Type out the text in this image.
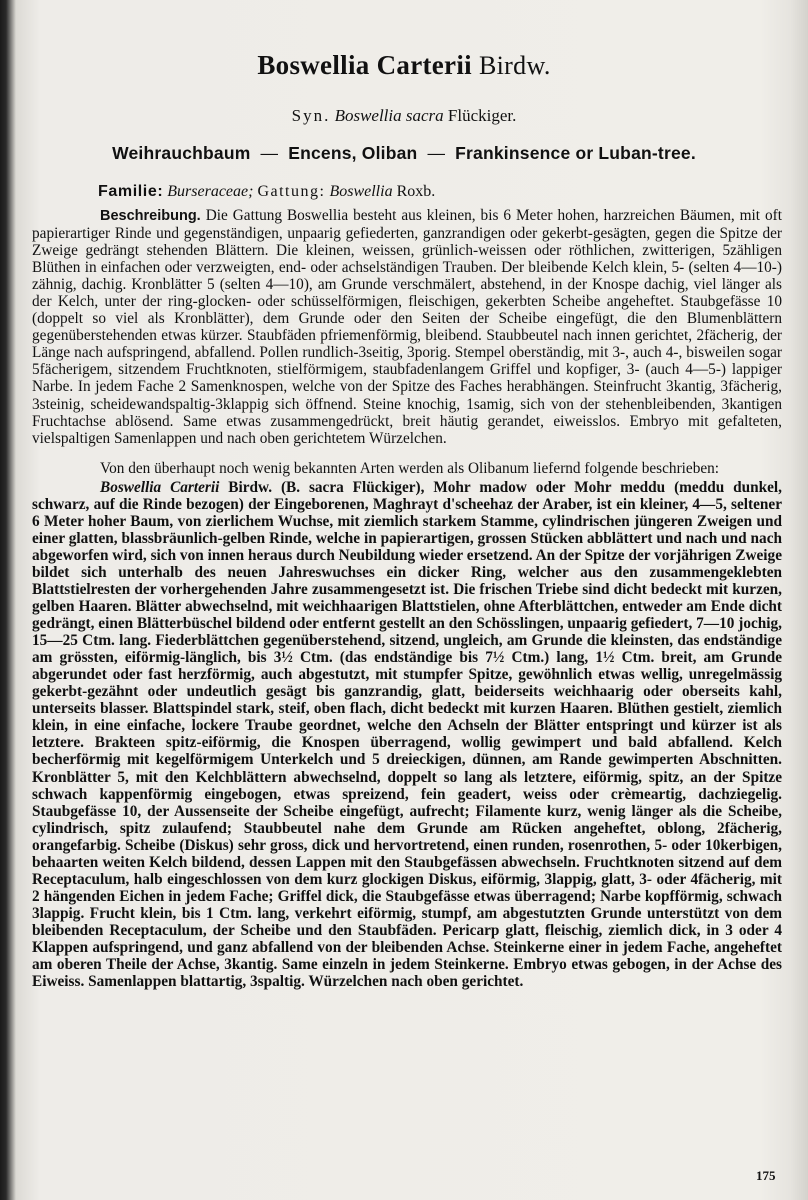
Boswellia Carterii Birdw.
Syn. Boswellia sacra Flückiger.
Weihrauchbaum — Encens, Oliban — Frankinsence or Luban-tree.
Familie: Burseraceae; Gattung: Boswellia Roxb.

Beschreibung. Die Gattung Boswellia besteht aus kleinen, bis 6 Meter hohen, harzreichen Bäumen, mit oft papierartiger Rinde und gegenständigen, unpaarig gefiederten, ganzrandigen oder gekerbt-gesägten, gegen die Spitze der Zweige gedrängt stehenden Blättern. Die kleinen, weissen, grünlich-weissen oder röthlichen, zwitterigen, 5zähligen Blüthen in einfachen oder verzweigten, end- oder achselständigen Trauben. Der bleibende Kelch klein, 5- (selten 4—10-) zähnig, dachig. Kronblätter 5 (selten 4—10), am Grunde verschmälert, abstehend, in der Knospe dachig, viel länger als der Kelch, unter der ring-glocken- oder schüsselförmigen, fleischigen, gekerbten Scheibe angeheftet. Staubgefässe 10 (doppelt so viel als Kronblätter), dem Grunde oder den Seiten der Scheibe eingefügt, die den Blumenblättern gegenüberstehenden etwas kürzer. Staubfäden pfriemenförmig, bleibend. Staubbeutel nach innen gerichtet, 2fächerig, der Länge nach aufspringend, abfallend. Pollen rundlich-3seitig, 3porig. Stempel oberständig, mit 3-, auch 4-, bisweilen sogar 5fächerigem, sitzendem Fruchtknoten, stielförmigem, staubfadenlangem Griffel und kopfiger, 3- (auch 4—5-) lappiger Narbe. In jedem Fache 2 Samenknospen, welche von der Spitze des Faches herabhängen. Steinfrucht 3kantig, 3fächerig, 3steinig, scheidewandspaltig-3klappig sich öffnend. Steine knochig, 1samig, sich von der stehenbleibenden, 3kantigen Fruchtachse ablösend. Same etwas zusammengedrückt, breit häutig gerandet, eiweisslos. Embryo mit gefalteten, vielspaltigen Samenlappen und nach oben gerichtetem Würzelchen.

Von den überhaupt noch wenig bekannten Arten werden als Olibanum liefernd folgende beschrieben:

Boswellia Carterii Birdw. (B. sacra Flückiger), Mohr madow oder Mohr meddu (meddu dunkel, schwarz, auf die Rinde bezogen) der Eingeborenen, Maghrayt d'scheehaz der Araber, ist ein kleiner, 4—5, seltener 6 Meter hoher Baum, von zierlichem Wuchse, mit ziemlich starkem Stamme, cylindrischen jüngeren Zweigen und einer glatten, blassbräunlich-gelben Rinde, welche in papierartigen, grossen Stücken abblättert und nach und nach abgeworfen wird, sich von innen heraus durch Neubildung wieder ersetzend. An der Spitze der vorjährigen Zweige bildet sich unterhalb des neuen Jahreswuchses ein dicker Ring, welcher aus den zusammengeklebten Blattstielresten der vorhergehenden Jahre zusammengesetzt ist. Die frischen Triebe sind dicht bedeckt mit kurzen, gelben Haaren. Blätter abwechselnd, mit weichhaarigen Blattstielen, ohne Afterblättchen, entweder am Ende dicht gedrängt, einen Blätterbüschel bildend oder entfernt gestellt an den Schösslingen, unpaarig gefiedert, 7—10 jochig, 15—25 Ctm. lang. Fiederblättchen gegenüberstehend, sitzend, ungleich, am Grunde die kleinsten, das endständige am grössten, eiförmig-länglich, bis 3½ Ctm. (das endständige bis 7½ Ctm.) lang, 1½ Ctm. breit, am Grunde abgerundet oder fast herzförmig, auch abgestutzt, mit stumpfer Spitze, gewöhnlich etwas wellig, unregelmässig gekerbt-gezähnt oder undeutlich gesägt bis ganzrandig, glatt, beiderseits weichhaarig oder oberseits kahl, unterseits blasser. Blattspindel stark, steif, oben flach, dicht bedeckt mit kurzen Haaren. Blüthen gestielt, ziemlich klein, in eine einfache, lockere Traube geordnet, welche den Achseln der Blätter entspringt und kürzer ist als letztere. Brakteen spitz-eiförmig, die Knospen überragend, wollig gewimpert und bald abfallend. Kelch becherförmig mit kegelförmigem Unterkelch und 5 dreieckigen, dünnen, am Rande gewimperten Abschnitten. Kronblätter 5, mit den Kelchblättern abwechselnd, doppelt so lang als letztere, eiförmig, spitz, an der Spitze schwach kappenförmig eingebogen, etwas spreizend, fein geadert, weiss oder crèmeartig, dachziegelig. Staubgefässe 10, der Aussenseite der Scheibe eingefügt, aufrecht; Filamente kurz, wenig länger als die Scheibe, cylindrisch, spitz zulaufend; Staubbeutel nahe dem Grunde am Rücken angeheftet, oblong, 2fächerig, orangefarbig. Scheibe (Diskus) sehr gross, dick und hervortretend, einen runden, rosenrothen, 5- oder 10kerbigen, behaarten weiten Kelch bildend, dessen Lappen mit den Staubgefässen abwechseln. Fruchtknoten sitzend auf dem Receptaculum, halb eingeschlossen von dem kurz glockigen Diskus, eiförmig, 3lappig, glatt, 3- oder 4fächerig, mit 2 hängenden Eichen in jedem Fache; Griffel dick, die Staubgefässe etwas überragend; Narbe kopfförmig, schwach 3lappig. Frucht klein, bis 1 Ctm. lang, verkehrt eiförmig, stumpf, am abgestutzten Grunde unterstützt von dem bleibenden Receptaculum, der Scheibe und den Staubfäden. Pericarp glatt, fleischig, ziemlich dick, in 3 oder 4 Klappen aufspringend, und ganz abfallend von der bleibenden Achse. Steinkerne einer in jedem Fache, angeheftet am oberen Theile der Achse, 3kantig. Same einzeln in jedem Steinkerne. Embryo etwas gebogen, in der Achse des Eiweiss. Samenlappen blattartig, 3spaltig. Würzelchen nach oben gerichtet.

175
